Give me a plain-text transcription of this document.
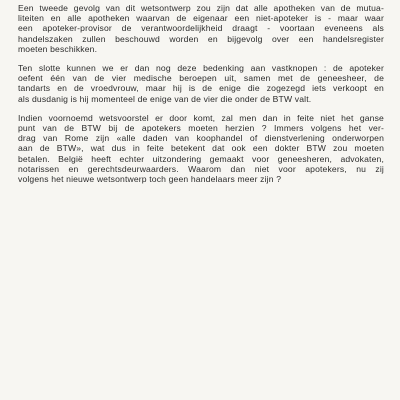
Een tweede gevolg van dit wetsontwerp zou zijn dat alle apotheken van de mutua-
liteiten en alle apotheken waarvan de eigenaar een niet-apoteker is - maar waar
een apoteker-provisor de verantwoordelijkheid draagt - voortaan eveneens als
handelszaken zullen beschouwd worden en bijgevolg over een handelsregister
moeten beschikken.

Ten slotte kunnen we er dan nog deze bedenking aan vastknopen : de apoteker
oefent één van de vier medische beroepen uit, samen met de geneesheer, de
tandarts en de vroedvrouw, maar hij is de enige die zogezegd iets verkoopt en
als dusdanig is hij momenteel de enige van de vier die onder de BTW valt.

Indien voornoemd wetsvoorstel er door komt, zal men dan in feite niet het ganse
punt van de BTW bij de apotekers moeten herzien ? Immers volgens het ver-
drag van Rome zijn «alle daden van koophandel of dienstverlening onderworpen
aan de BTW», wat dus in feite betekent dat ook een dokter BTW zou moeten
betalen. België heeft echter uitzondering gemaakt voor geneesheren, advokaten,
notarissen en gerechtsdeurwaarders. Waarom dan niet voor apotekers, nu zij
volgens het nieuwe wetsontwerp toch geen handelaars meer zijn ?
